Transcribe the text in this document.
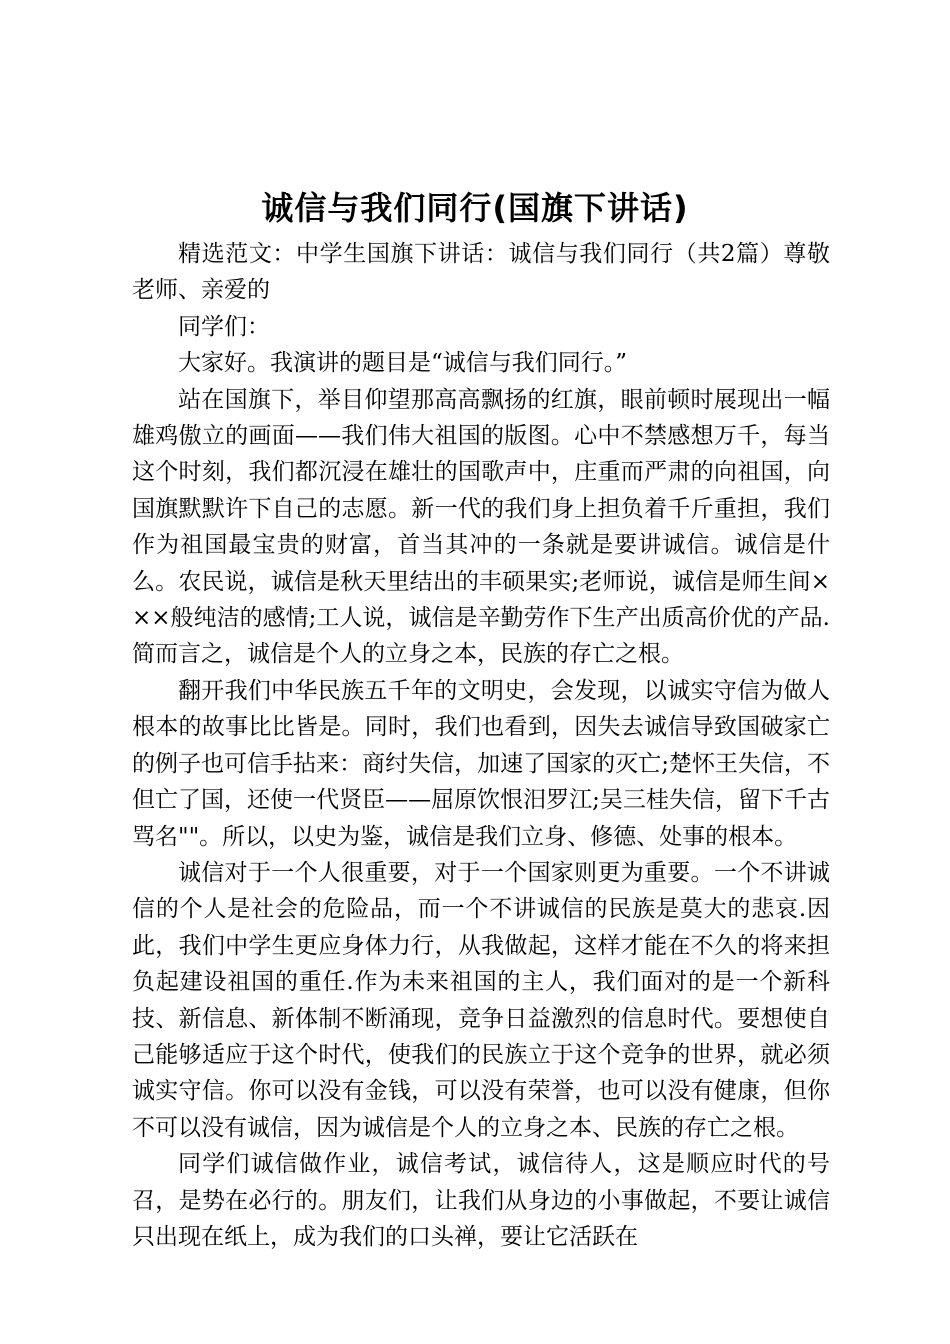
诚信与我们同行(国旗下讲话)

精选范文：中学生国旗下讲话：诚信与我们同行（共2篇）尊敬老师、亲爱的

同学们：

大家好。我演讲的题目是“诚信与我们同行。”

站在国旗下，举目仰望那高高飘扬的红旗，眼前顿时展现出一幅雄鸡傲立的画面——我们伟大祖国的版图。心中不禁感想万千，每当这个时刻，我们都沉浸在雄壮的国歌声中，庄重而严肃的向祖国，向国旗默默许下自己的志愿。新一代的我们身上担负着千斤重担，我们作为祖国最宝贵的财富，首当其冲的一条就是要讲诚信。诚信是什么。农民说，诚信是秋天里结出的丰硕果实;老师说，诚信是师生间×××般纯洁的感情;工人说，诚信是辛勤劳作下生产出质高价优的产品.简而言之，诚信是个人的立身之本，民族的存亡之根。

翻开我们中华民族五千年的文明史，会发现，以诚实守信为做人根本的故事比比皆是。同时，我们也看到，因失去诚信导致国破家亡的例子也可信手拈来：商纣失信，加速了国家的灭亡;楚怀王失信，不但亡了国，还使一代贤臣——屈原饮恨汨罗江;吴三桂失信，留下千古骂名""。所以，以史为鉴，诚信是我们立身、修德、处事的根本。

诚信对于一个人很重要，对于一个国家则更为重要。一个不讲诚信的个人是社会的危险品，而一个不讲诚信的民族是莫大的悲哀.因此，我们中学生更应身体力行，从我做起，这样才能在不久的将来担负起建设祖国的重任.作为未来祖国的主人，我们面对的是一个新科技、新信息、新体制不断涌现，竞争日益激烈的信息时代。要想使自己能够适应于这个时代，使我们的民族立于这个竞争的世界，就必须诚实守信。你可以没有金钱，可以没有荣誉，也可以没有健康，但你不可以没有诚信，因为诚信是个人的立身之本、民族的存亡之根。

同学们诚信做作业，诚信考试，诚信待人，这是顺应时代的号召，是势在必行的。朋友们，让我们从身边的小事做起，不要让诚信只出现在纸上，成为我们的口头禅，要让它活跃在
